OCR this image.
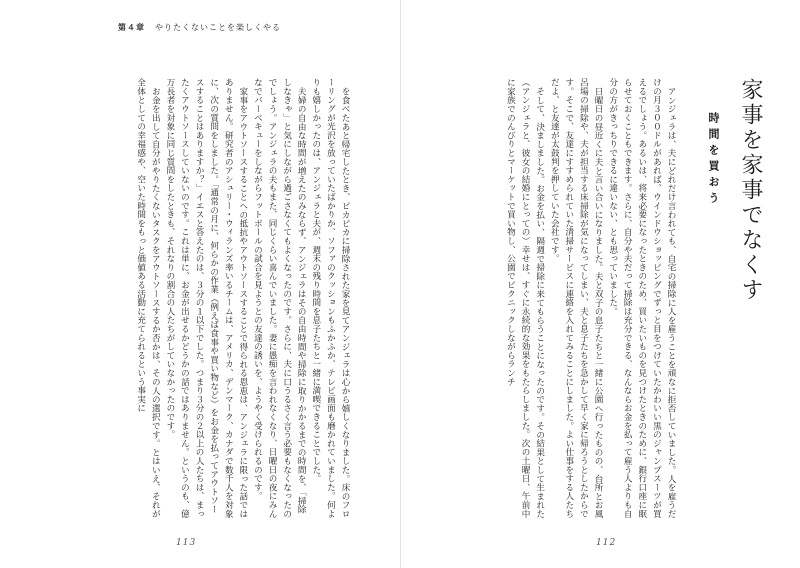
第４章 やりたくないことを楽しくやる

を食べたあと帰宅したとき、ピカピカに掃除された家を見てアンジェラは心から嬉しくなりました。床のフローリングが光沢を放っていたばかりか、ソファのクッションもふかふか、テレビ画面も磨かれていました。何よりも嬉しかったのは、アンジェラと夫が、週末の残り時間を息子たちと一緒に満喫できることでした。

夫婦の自由な時間が増えたのみならず、アンジェラはその自由時間や掃除に取りかかるまでの時間を、「掃除しなきゃ」と気にしながら過ごさなくてもよくなったのです。さらに、夫に口うるさく言う必要もなくなったのでしょう。アンジェラの夫もまた、同じくらい喜んでいました。妻に愚痴を言われなくなり、日曜日の夜にみんなでバーベキューをしながらフットボールの試合を見ようとの友達の誘いを、ようやく受けられるのです。

家事をアウトソースすることへの抵抗やアウトソースすることで得られる恩恵は、アンジェラに限った話ではありません。研究者のアシュリー・ウィランズ率いるチームは、アメリカ、デンマーク、カナダで数千人を対象に、次の質問をしました。「通常の月に、何らかの作業（例えば食事や買い物など）をお金を払ってアウトソースすることはありますか？」イエスと答えたのは、３分の１以下でした。つまり３分の２以上の人たちは、まったくアウトソースしていないのです。これは単に、お金が出せるかどうかの話ではありません。というのも、億万長者を対象に同じ質問をしたときも、それなりの割合の人たちがしていなかったのです。

お金を出して自分がやりたくないタスクをアウトソースするか否かは、その人の選択です。とはいえ、それが全体としての幸福感や、空いた時間をもっと価値ある活動に充てられるという事実に

113
家事を家事でなくす
時間を買おう

アンジェラは、夫にどれだけ言われても、自宅の掃除に人を雇うことを頑なに拒否していました。人を雇うだけの月３００ドルがあれば、ウインドウショッピングでずっと目をつけていたかわいい黒のジャンプスーツが買えるでしょう。あるいは、将来必要になったときのため、買いたいものを見つけたときのために、銀行口座に眠らせておくこともできます。さらに、自分や夫だって掃除は充分できる、なんならお金を払って雇う人よりも自分の方がきっちりできるに違いない、とも思っていました。

日曜日の昼近くに夫と言い合いになりました。夫と双子の息子たちと一緒に公園へ行ったものの、台所とお風呂場の掃除や、夫が担当する床掃除が気になってしまい、夫と息子たちを急かして早く家に帰ろうとしたからです。そこで、友達にすすめられていた清掃サービスに連絡を入れてみることにしました。よい仕事をする人たちだよ、と友達が太鼓判を押していた会社です。

そして、決ましました。お金を払い、隔週で掃除に来てもらうことになったのです。その結果として生まれた（アンジェラと、彼女の結婚にとっての）幸せは、すぐに永続的な効果をもたらしました。次の土曜日、午前中に家族でのんびりとマーケットで買い物し、公園でピクニックしながらランチ

112
